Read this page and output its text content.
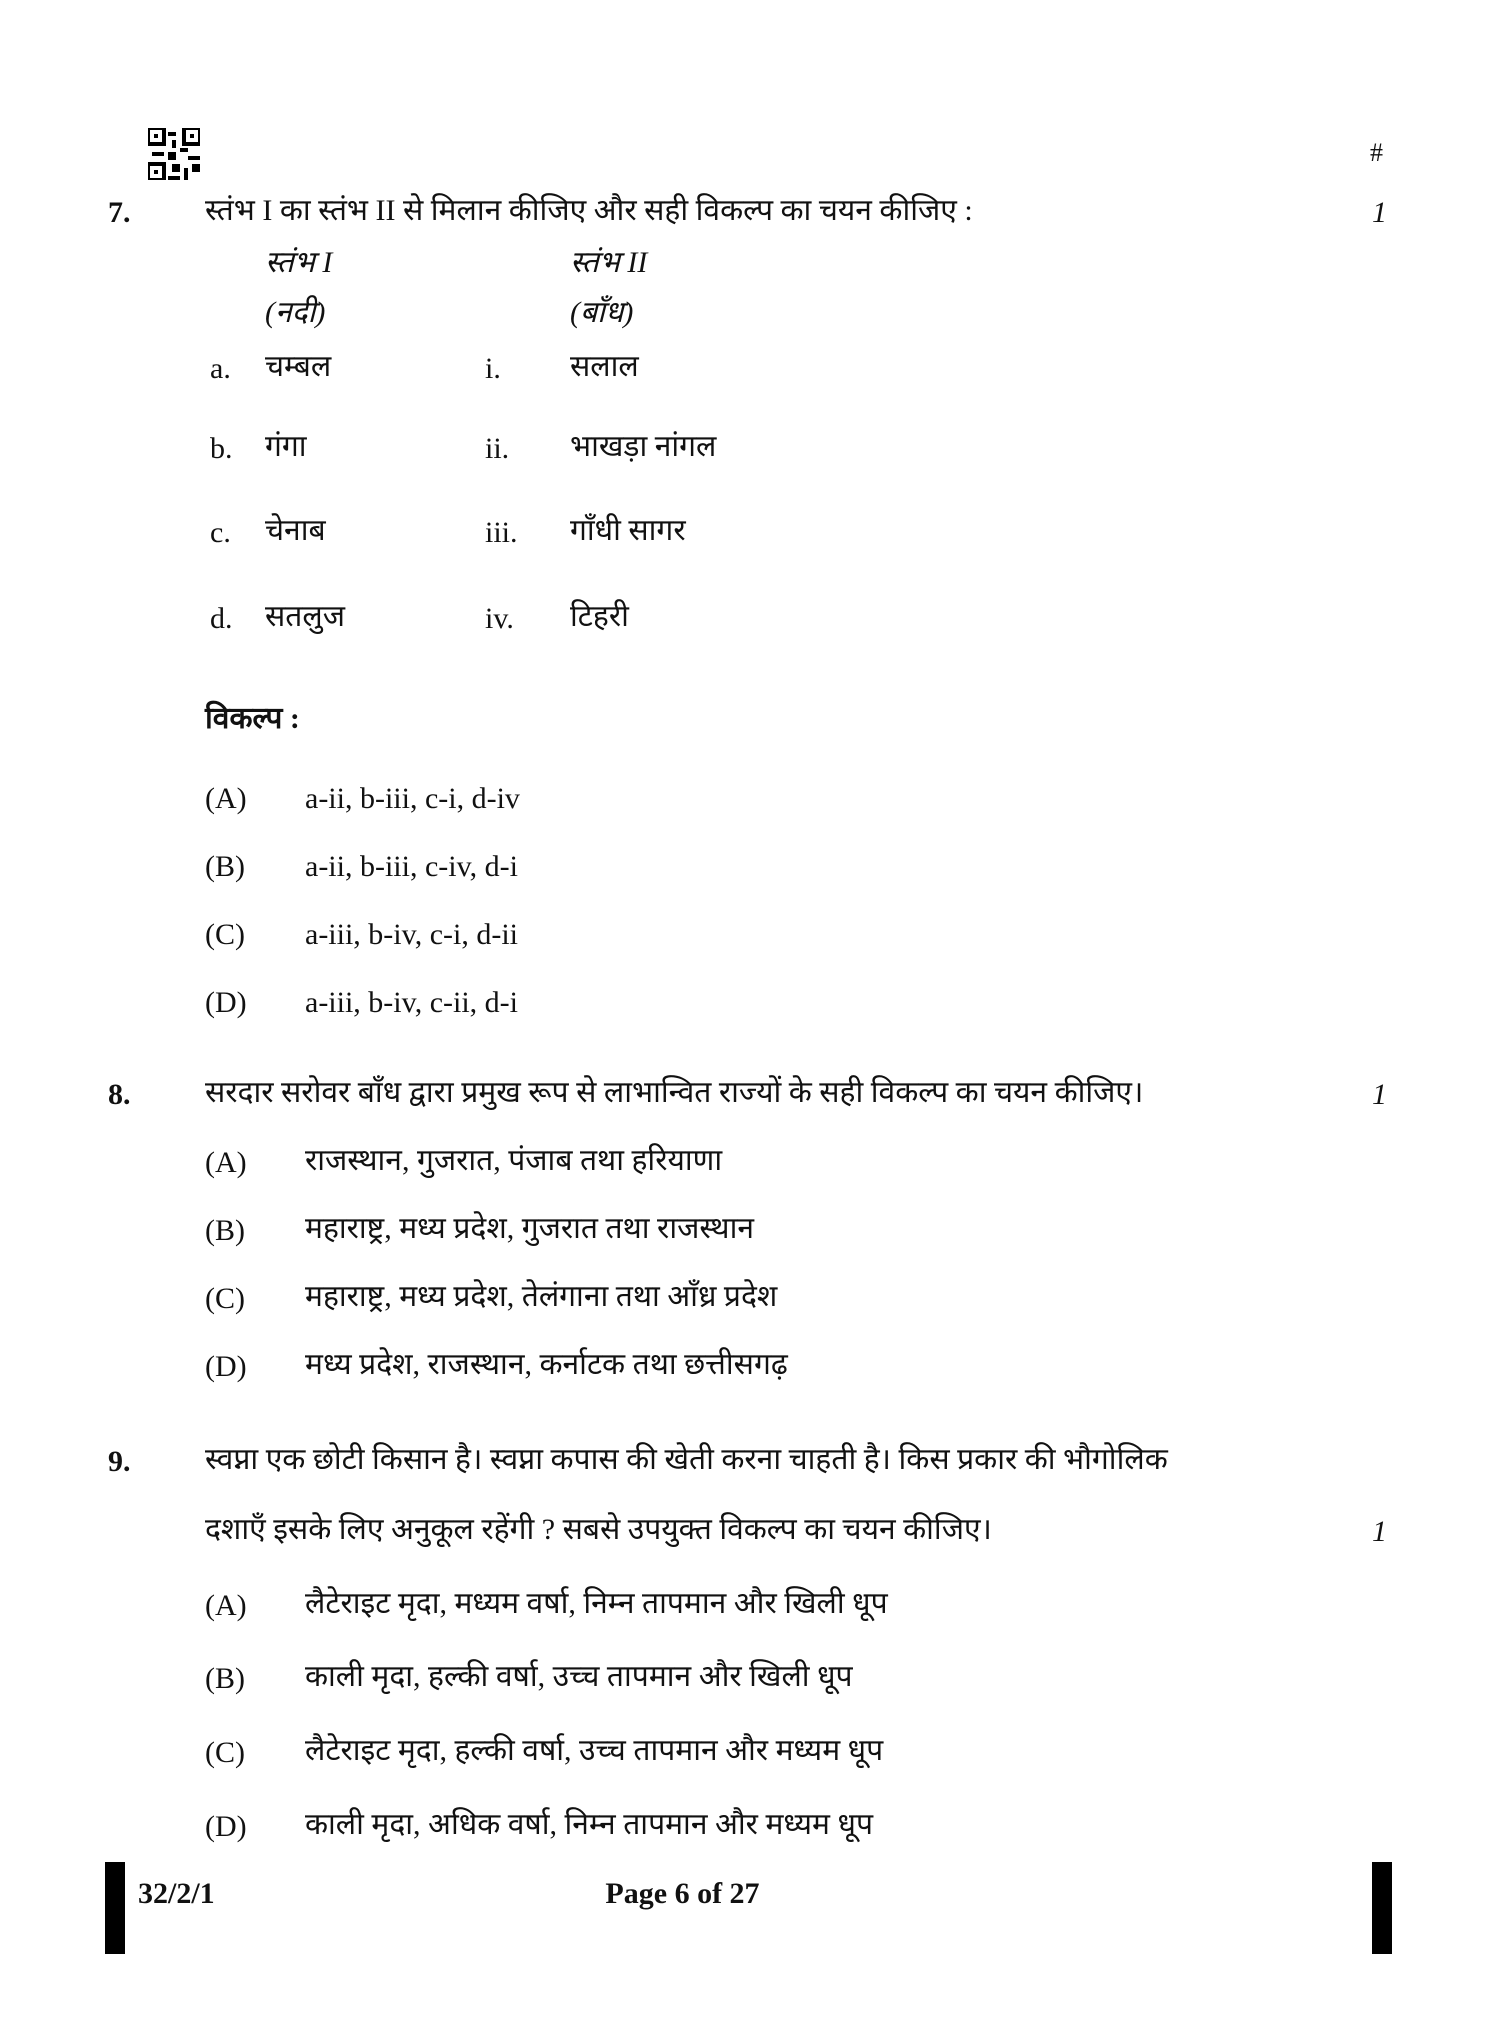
#
7. स्तंभ I का स्तंभ II से मिलान कीजिए और सही विकल्प का चयन कीजिए :	1
स्तंभ I	स्तंभ II
(नदी)	(बाँध)
a. चम्बल	i. सलाल
b. गंगा	ii. भाखड़ा नांगल
c. चेनाब	iii. गाँधी सागर
d. सतलुज	iv. टिहरी
विकल्प :
(A) a-ii, b-iii, c-i, d-iv
(B) a-ii, b-iii, c-iv, d-i
(C) a-iii, b-iv, c-i, d-ii
(D) a-iii, b-iv, c-ii, d-i
8. सरदार सरोवर बाँध द्वारा प्रमुख रूप से लाभान्वित राज्यों के सही विकल्प का चयन कीजिए।	1
(A) राजस्थान, गुजरात, पंजाब तथा हरियाणा
(B) महाराष्ट्र, मध्य प्रदेश, गुजरात तथा राजस्थान
(C) महाराष्ट्र, मध्य प्रदेश, तेलंगाना तथा आँध्र प्रदेश
(D) मध्य प्रदेश, राजस्थान, कर्नाटक तथा छत्तीसगढ़
9. स्वप्ना एक छोटी किसान है। स्वप्ना कपास की खेती करना चाहती है। किस प्रकार की भौगोलिक
दशाएँ इसके लिए अनुकूल रहेंगी ? सबसे उपयुक्त विकल्प का चयन कीजिए।	1
(A) लैटेराइट मृदा, मध्यम वर्षा, निम्न तापमान और खिली धूप
(B) काली मृदा, हल्की वर्षा, उच्च तापमान और खिली धूप
(C) लैटेराइट मृदा, हल्की वर्षा, उच्च तापमान और मध्यम धूप
(D) काली मृदा, अधिक वर्षा, निम्न तापमान और मध्यम धूप
32/2/1	Page 6 of 27
